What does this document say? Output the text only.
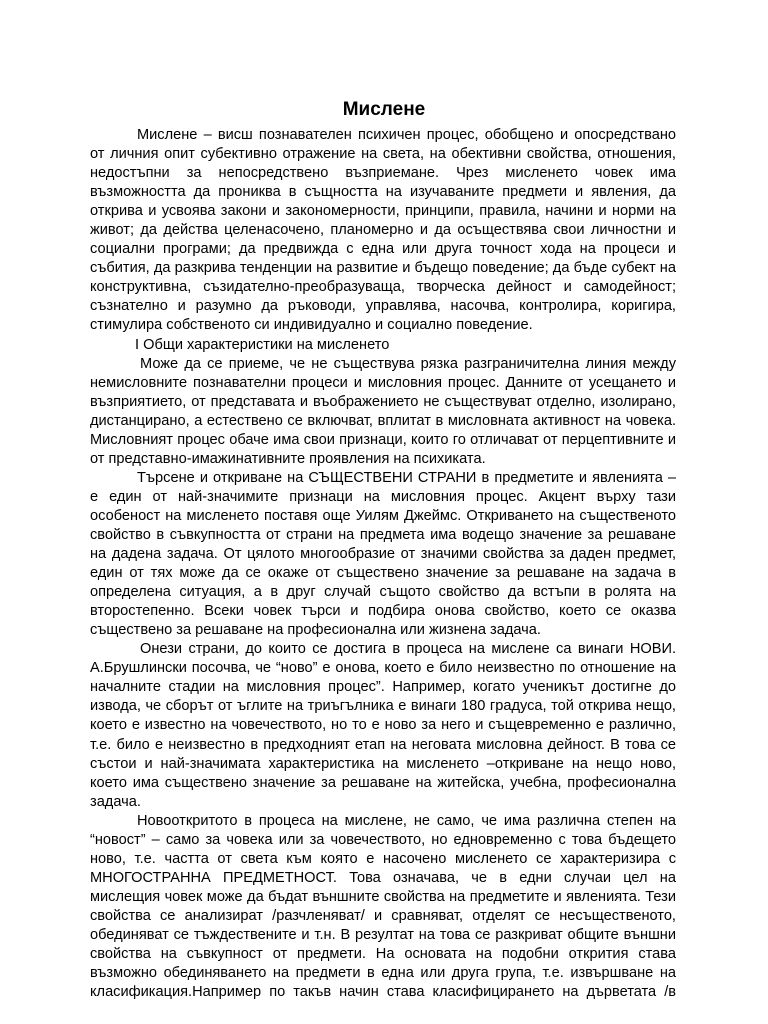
Мислене

Мислене – висш познавателен психичен процес, обобщено и опосредствано от личния опит субективно отражение на света, на обективни свойства, отношения, недостъпни за непосредствено възприемане. Чрез мисленето човек има възможността да прониква в същността на изучаваните предмети и явления, да открива и усвоява закони и закономерности, принципи, правила, начини и норми на живот; да действа целенасочено, планомерно и да осъществява свои личностни и социални програми; да предвижда с една или друга точност хода на процеси и събития, да разкрива тенденции на развитие и бъдещо поведение; да бъде субект на конструктивна, съзидателно-преобразуваща, творческа дейност и самодейност; съзнателно и разумно да ръководи, управлява, насочва, контролира, коригира, стимулира собственото си индивидуално и социално поведение.

I Общи характеристики на мисленето

Може да се приеме, че не съществува рязка разграничителна линия между немисловните познавателни процеси и мисловния процес. Данните от усещането и възприятието, от представата и въображението не съществуват отделно, изолирано, дистанцирано, а естествено се включват, вплитат в мисловната активност на човека. Мисловният процес обаче има свои признаци, които го отличават от перцептивните и от представно-имажинативните проявления на психиката.

Търсене и откриване на СЪЩЕСТВЕНИ СТРАНИ в предметите и явленията – е един от най-значимите признаци на мисловния процес. Акцент върху тази особеност на мисленето поставя още Уилям Джеймс. Откриването на същественото свойство в съвкупността от страни на предмета има водещо значение за решаване на дадена задача. От цялото многообразие от значими свойства за даден предмет, един от тях може да се окаже от съществено значение за решаване на задача в определена ситуация, а в друг случай същото свойство да встъпи в ролята на второстепенно. Всеки човек търси и подбира онова свойство, което се оказва съществено за решаване на професионална или жизнена задача.

Онези страни, до които се достига в процеса на мислене са винаги НОВИ. А.Брушлински посочва, че “ново” е онова, което е било неизвестно по отношение на началните стадии на мисловния процес”. Например, когато ученикът достигне до извода, че сборът от ъглите на триъгълника е винаги 180 градуса, той открива нещо, което е известно на човечеството, но то е ново за него и същевременно е различно, т.е. било е неизвестно в предходният етап на неговата мисловна дейност. В това се състои и най-значимата характеристика на мисленето –откриване на нещо ново, което има съществено значение за решаване на житейска, учебна, професионална задача.

Новооткритото в процеса на мислене, не само, че има различна степен на “новост” – само за човека или за човечеството, но едновременно с това бъдещето ново, т.е. частта от света към която е насочено мисленето се характеризира с МНОГОСТРАННА ПРЕДМЕТНОСТ. Това означава, че в едни случаи цел на мислещия човек може да бъдат външните свойства на предметите и явленията. Тези свойства се анализират /разчленяват/ и сравняват, отделят се несъщественото, обединяват се тъждествените и т.н. В резултат на това се разкриват общите външни свойства на съвкупност от предмети. На основата на подобни открития става възможно обединяването на предмети в една или друга група, т.е. извършване на класификация.Например по такъв начин става класифицирането на дърветата /в
